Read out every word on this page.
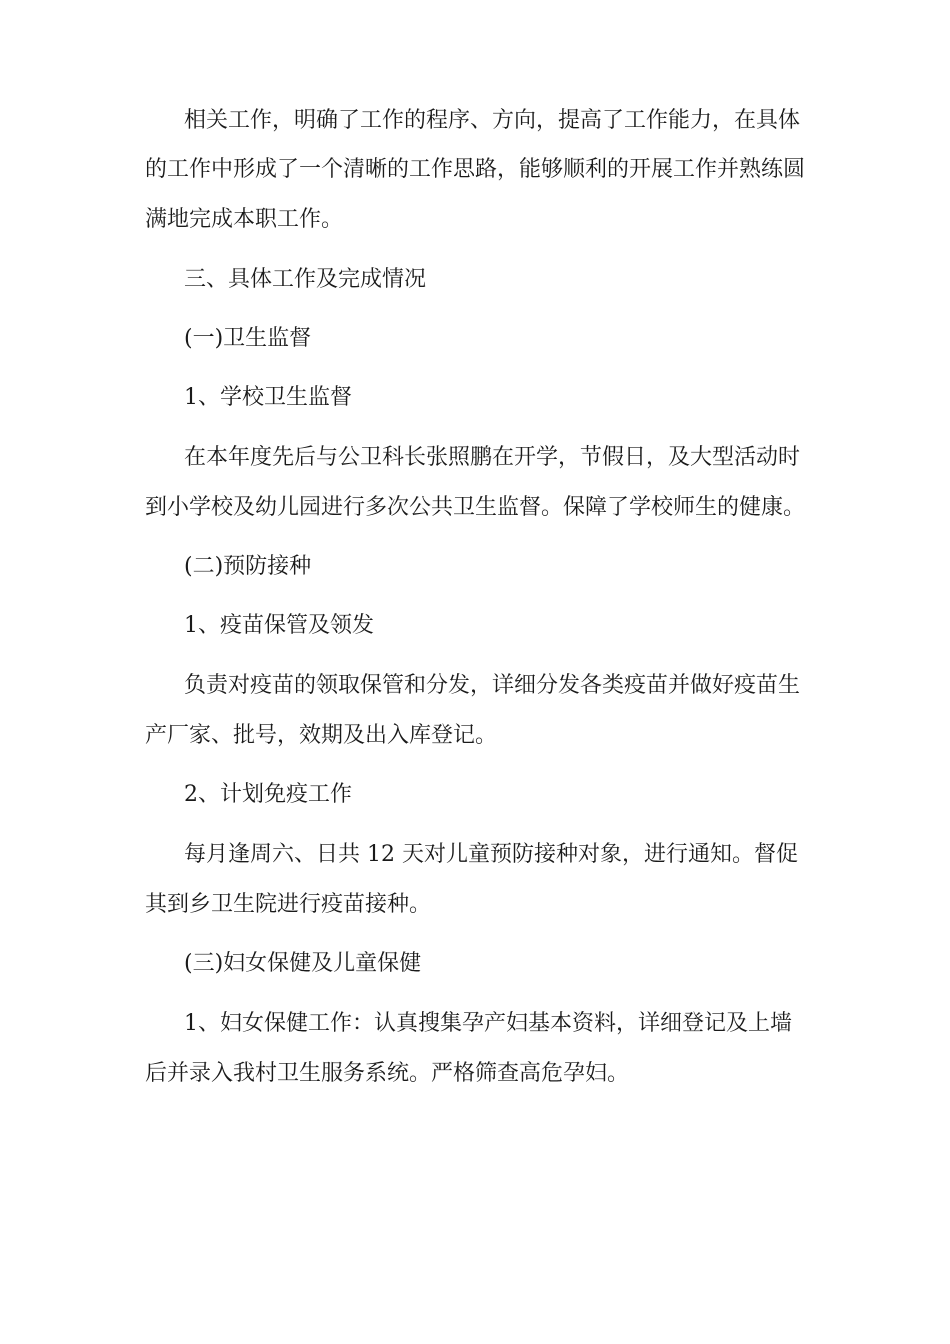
相关工作，明确了工作的程序、方向，提高了工作能力，在具体
的工作中形成了一个清晰的工作思路，能够顺利的开展工作并熟练圆
满地完成本职工作。
三、具体工作及完成情况
(一)卫生监督
1、学校卫生监督
在本年度先后与公卫科长张照鹏在开学，节假日，及大型活动时
到小学校及幼儿园进行多次公共卫生监督。保障了学校师生的健康。
(二)预防接种
1、疫苗保管及领发
负责对疫苗的领取保管和分发，详细分发各类疫苗并做好疫苗生
产厂家、批号，效期及出入库登记。
2、计划免疫工作
每月逢周六、日共 12 天对儿童预防接种对象，进行通知。督促
其到乡卫生院进行疫苗接种。
(三)妇女保健及儿童保健
1、妇女保健工作：认真搜集孕产妇基本资料，详细登记及上墙
后并录入我村卫生服务系统。严格筛查高危孕妇。
